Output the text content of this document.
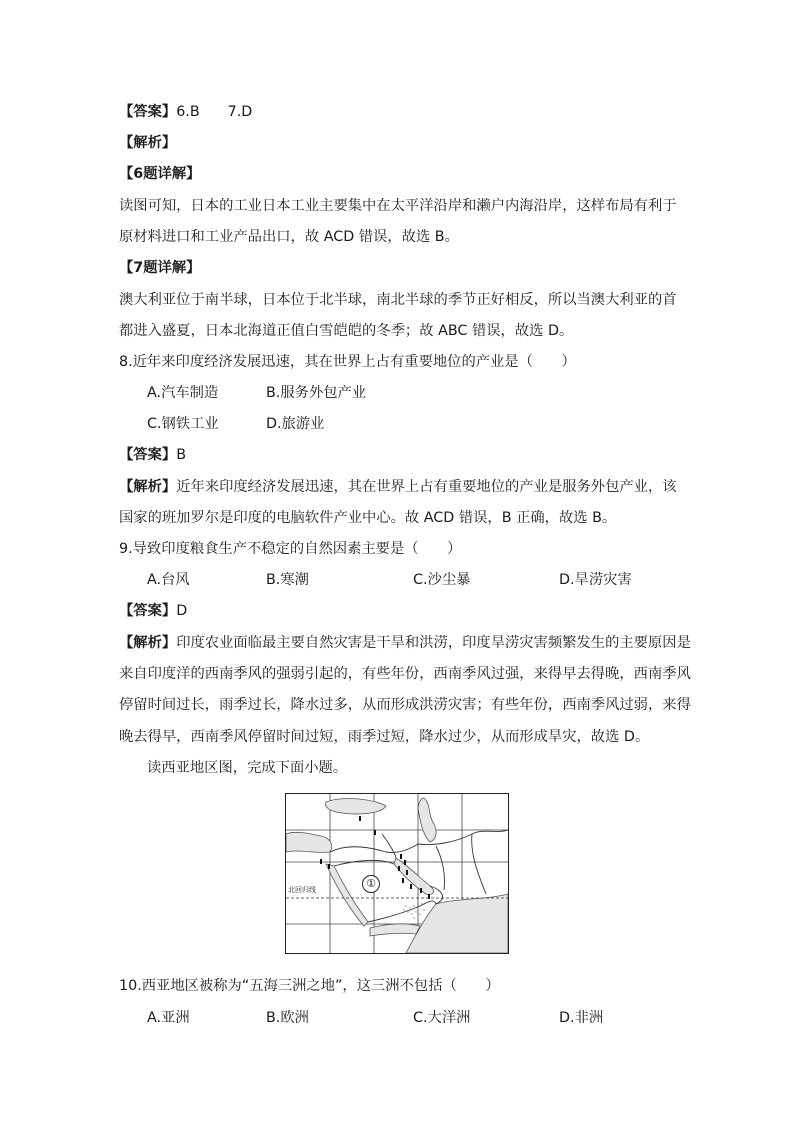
【答案】6.B 7.D
【解析】
【6题详解】
读图可知，日本的工业日本工业主要集中在太平洋沿岸和濑户内海沿岸，这样布局有利于
原材料进口和工业产品出口，故 ACD 错误，故选 B。
【7题详解】
澳大利亚位于南半球，日本位于北半球，南北半球的季节正好相反，所以当澳大利亚的首
都进入盛夏，日本北海道正值白雪皑皑的冬季；故 ABC 错误，故选 D。
8.近年来印度经济发展迅速，其在世界上占有重要地位的产业是（　　）
A.汽车制造	B.服务外包产业
C.钢铁工业	D.旅游业
【答案】B
【解析】近年来印度经济发展迅速，其在世界上占有重要地位的产业是服务外包产业，该
国家的班加罗尔是印度的电脑软件产业中心。故 ACD 错误，B 正确，故选 B。
9.导致印度粮食生产不稳定的自然因素主要是（　　）
A.台风	B.寒潮	C.沙尘暴	D.旱涝灾害
【答案】D
【解析】印度农业面临最主要自然灾害是干旱和洪涝，印度旱涝灾害频繁发生的主要原因是
来自印度洋的西南季风的强弱引起的，有些年份，西南季风过强，来得早去得晚，西南季风
停留时间过长，雨季过长，降水过多，从而形成洪涝灾害；有些年份，西南季风过弱，来得
晚去得早，西南季风停留时间过短，雨季过短，降水过少，从而形成旱灾，故选 D。
读西亚地区图，完成下面小题。
①
北回归线
10.西亚地区被称为“五海三洲之地”，这三洲不包括（　　）
A.亚洲	B.欧洲	C.大洋洲	D.非洲
